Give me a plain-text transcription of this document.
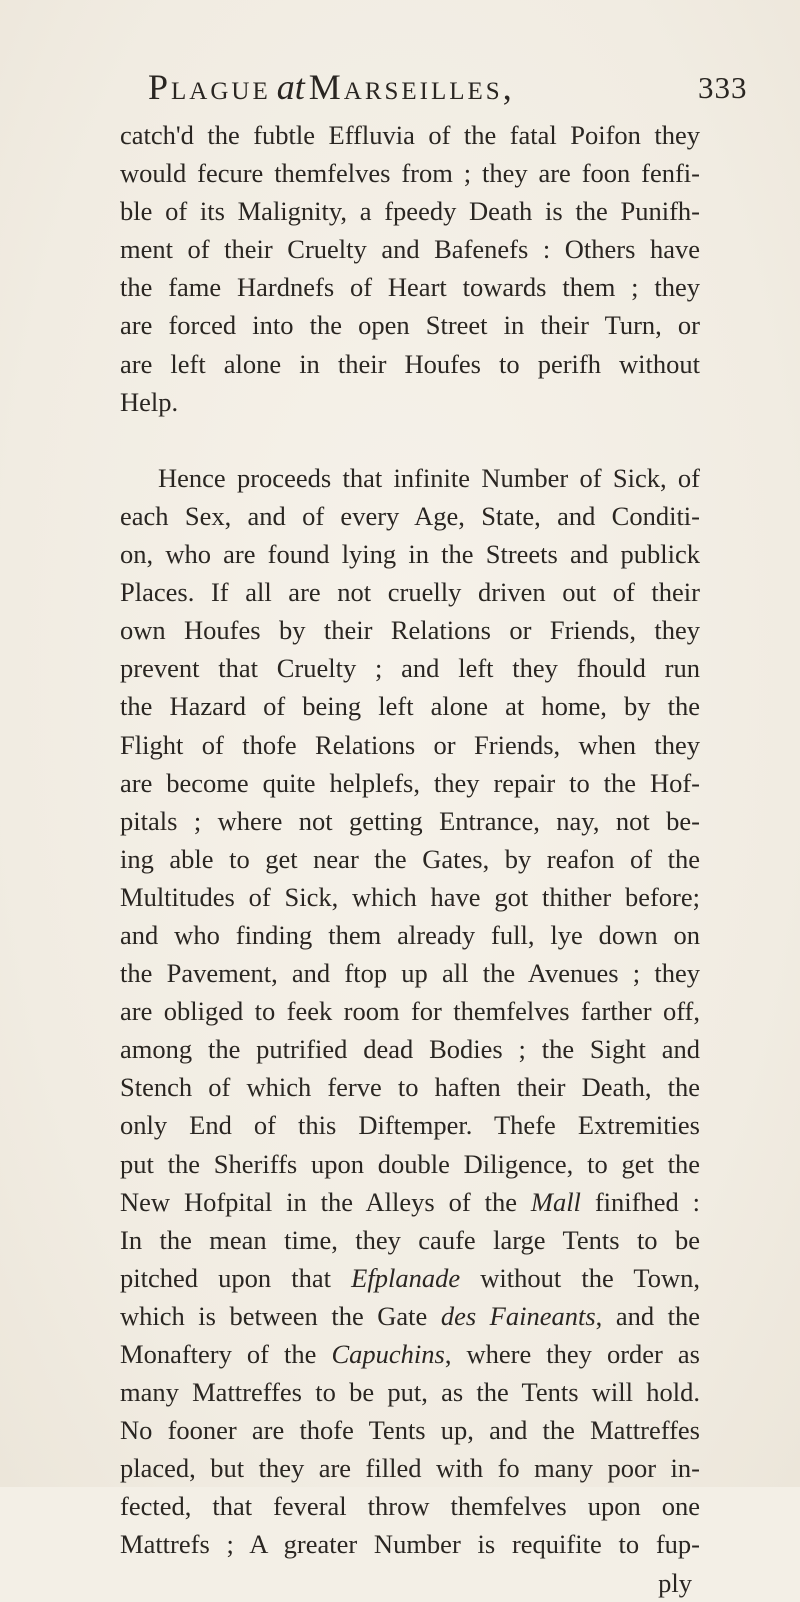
Plague at Marseilles,	333
catch'd the fubtle Effluvia of the fatal Poifon they
would fecure themfelves from ; they are foon fenfi-
ble of its Malignity, a fpeedy Death is the Punifh-
ment of their Cruelty and Bafenefs : Others have
the fame Hardnefs of Heart towards them ; they
are forced into the open Street in their Turn, or
are left alone in their Houfes to perifh without
Help.
Hence proceeds that infinite Number of Sick, of
each Sex, and of every Age, State, and Conditi-
on, who are found lying in the Streets and publick
Places. If all are not cruelly driven out of their
own Houfes by their Relations or Friends, they
prevent that Cruelty ; and left they fhould run
the Hazard of being left alone at home, by the
Flight of thofe Relations or Friends, when they
are become quite helplefs, they repair to the Hof-
pitals ; where not getting Entrance, nay, not be-
ing able to get near the Gates, by reafon of the
Multitudes of Sick, which have got thither before;
and who finding them already full, lye down on
the Pavement, and ftop up all the Avenues ; they
are obliged to feek room for themfelves farther off,
among the putrified dead Bodies ; the Sight and
Stench of which ferve to haften their Death, the
only End of this Diftemper. Thefe Extremities
put the Sheriffs upon double Diligence, to get the
New Hofpital in the Alleys of the Mall finifhed :
In the mean time, they caufe large Tents to be
pitched upon that Efplanade without the Town,
which is between the Gate des Faineants, and the
Monaftery of the Capuchins, where they order as
many Mattreffes to be put, as the Tents will hold.
No fooner are thofe Tents up, and the Mattreffes
placed, but they are filled with fo many poor in-
fected, that feveral throw themfelves upon one
Mattrefs ; A greater Number is requifite to fup-
ply
